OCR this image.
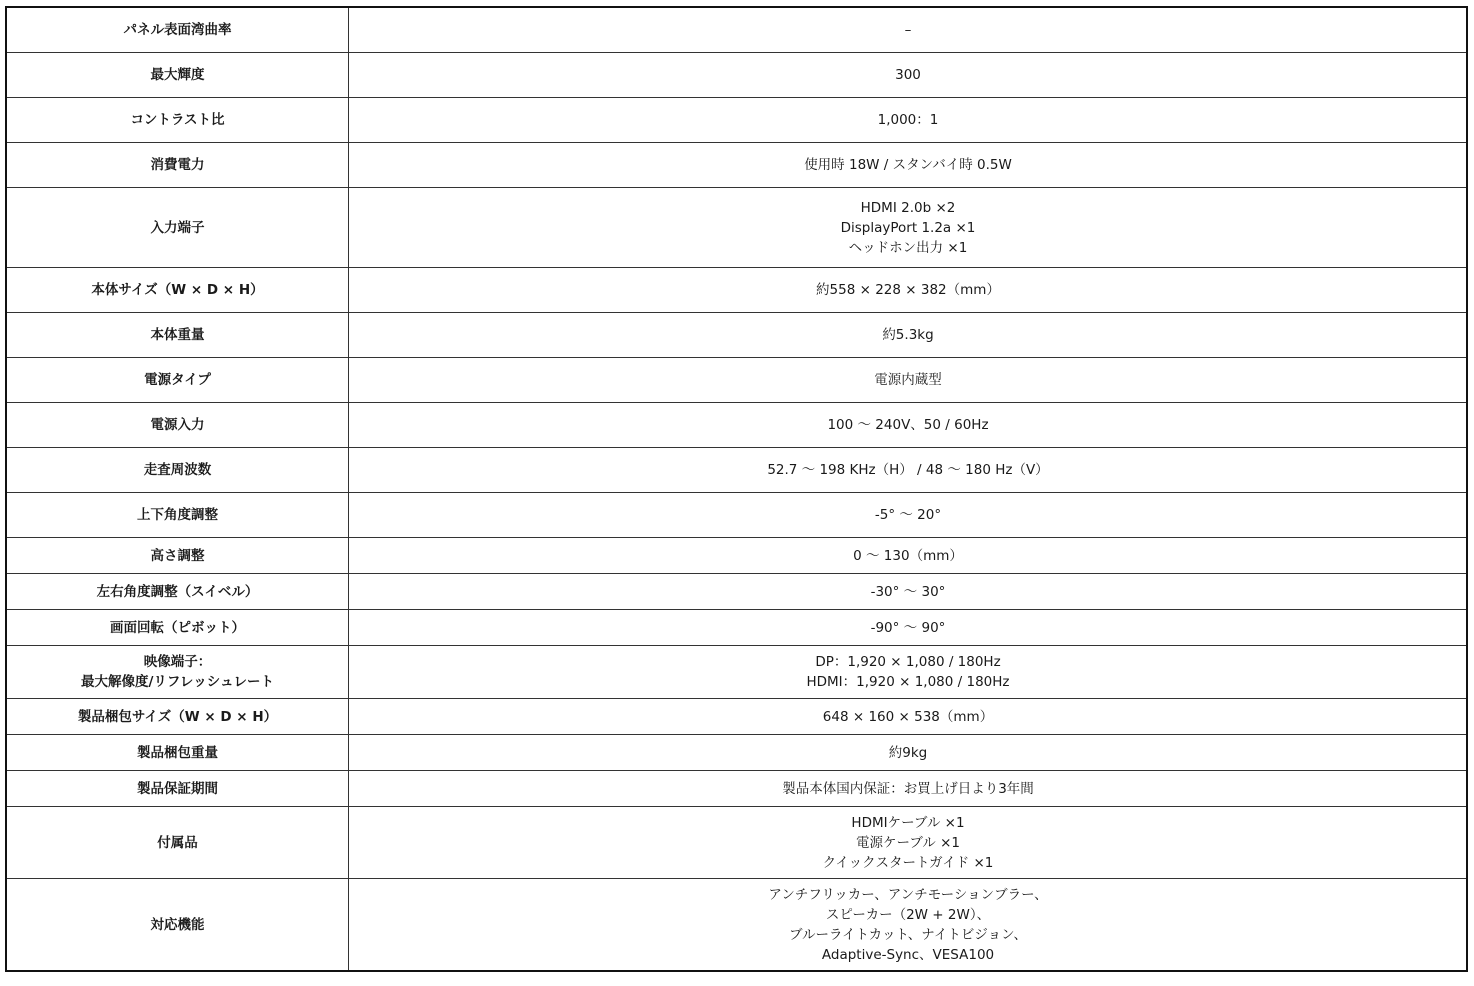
パネル表面湾曲率	–

最大輝度	300

コントラスト比	1,000：1

消費電力	使用時 18W / スタンバイ時 0.5W

入力端子	HDMI 2.0b ×2
DisplayPort 1.2a ×1
ヘッドホン出力 ×1

本体サイズ（W × D × H）	約558 × 228 × 382（mm）

本体重量	約5.3kg

電源タイプ	電源内蔵型

電源入力	100 ～ 240V、50 / 60Hz

走査周波数	52.7 ～ 198 KHz（H） / 48 ～ 180 Hz（V）

上下角度調整	-5° ～ 20°

高さ調整	0 ～ 130（mm）

左右角度調整（スイベル）	-30° ～ 30°

画面回転（ピボット）	-90° ～ 90°

映像端子：
最大解像度/リフレッシュレート	DP：1,920 × 1,080 / 180Hz
HDMI：1,920 × 1,080 / 180Hz

製品梱包サイズ（W × D × H）	648 × 160 × 538（mm）

製品梱包重量	約9kg

製品保証期間	製品本体国内保証：お買上げ日より3年間

付属品	HDMIケーブル ×1
電源ケーブル ×1
クイックスタートガイド ×1

対応機能	アンチフリッカー、アンチモーションブラー、
スピーカー（2W + 2W）、
ブルーライトカット、ナイトビジョン、
Adaptive-Sync、VESA100
